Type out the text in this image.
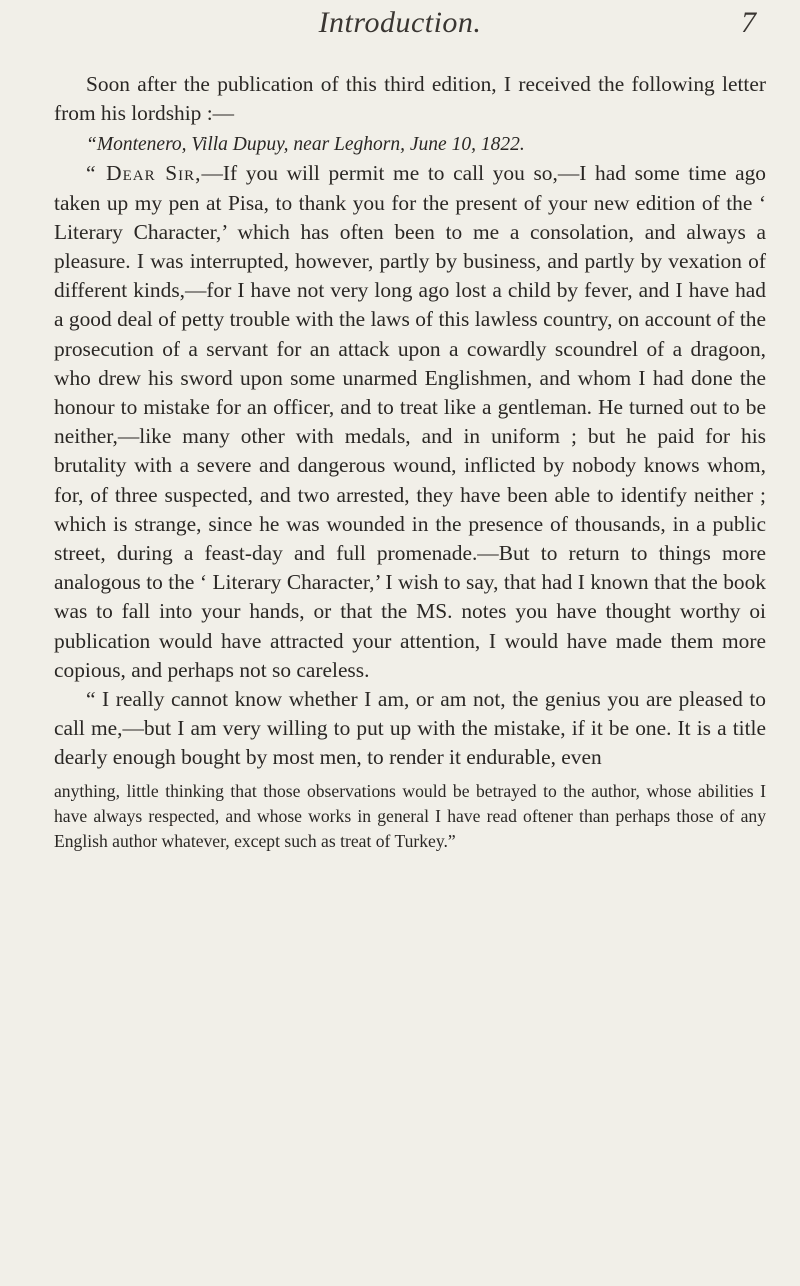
Introduction.	7

Soon after the publication of this third edition, I received the following letter from his lordship :—

“Montenero, Villa Dupuy, near Leghorn, June 10, 1822.

“ Dear Sir,—If you will permit me to call you so,—I had some time ago taken up my pen at Pisa, to thank you for the present of your new edition of the ‘ Literary Character,’ which has often been to me a consolation, and always a pleasure. I was interrupted, however, partly by business, and partly by vexation of different kinds,—for I have not very long ago lost a child by fever, and I have had a good deal of petty trouble with the laws of this lawless country, on account of the prosecution of a servant for an attack upon a cowardly scoundrel of a dragoon, who drew his sword upon some unarmed Englishmen, and whom I had done the honour to mistake for an officer, and to treat like a gentleman. He turned out to be neither,—like many other with medals, and in uniform ; but he paid for his brutality with a severe and dangerous wound, inflicted by nobody knows whom, for, of three suspected, and two arrested, they have been able to identify neither ; which is strange, since he was wounded in the presence of thousands, in a public street, during a feast-day and full promenade.—But to return to things more analogous to the ‘ Literary Character,’ I wish to say, that had I known that the book was to fall into your hands, or that the MS. notes you have thought worthy oi publication would have attracted your attention, I would have made them more copious, and perhaps not so careless.

“ I really cannot know whether I am, or am not, the genius you are pleased to call me,—but I am very willing to put up with the mistake, if it be one. It is a title dearly enough bought by most men, to render it endurable, even

anything, little thinking that those observations would be betrayed to the author, whose abilities I have always respected, and whose works in general I have read oftener than perhaps those of any English author whatever, except such as treat of Turkey.”
